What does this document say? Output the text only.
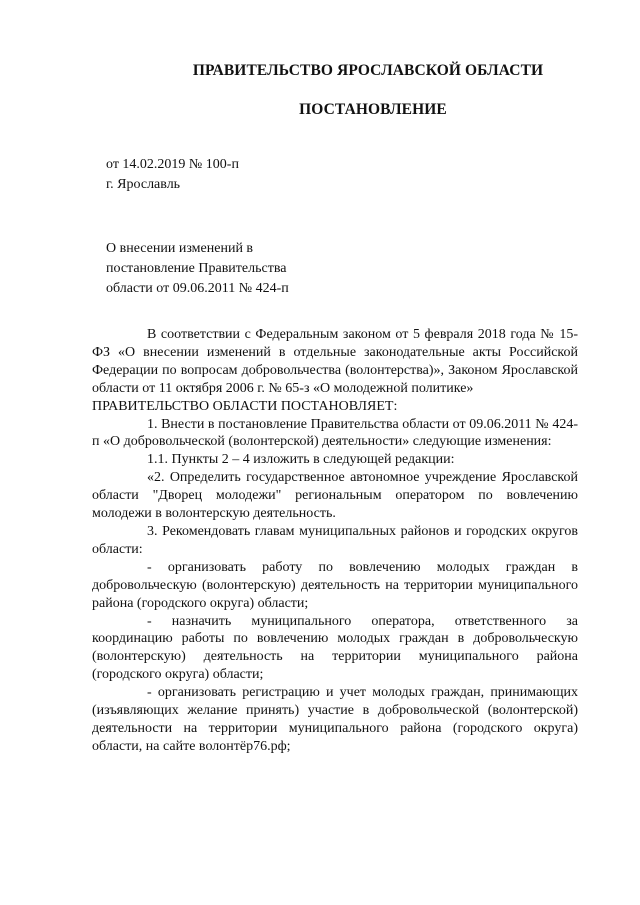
ПРАВИТЕЛЬСТВО ЯРОСЛАВСКОЙ ОБЛАСТИ
ПОСТАНОВЛЕНИЕ
от 14.02.2019 № 100-п
г. Ярославль
О внесении изменений в
постановление Правительства
области от 09.06.2011 № 424-п

В соответствии с Федеральным законом от 5 февраля 2018 года № 15-ФЗ «О внесении изменений в отдельные законодательные акты Российской Федерации по вопросам добровольчества (волонтерства)», Законом Ярославской области от 11 октября 2006 г. № 65-з «О молодежной политике»

ПРАВИТЕЛЬСТВО ОБЛАСТИ ПОСТАНОВЛЯЕТ:

1. Внести в постановление Правительства области от 09.06.2011 № 424-п «О добровольческой (волонтерской) деятельности» следующие изменения:

1.1. Пункты 2 – 4 изложить в следующей редакции:

«2. Определить государственное автономное учреждение Ярославской области "Дворец молодежи" региональным оператором по вовлечению молодежи в волонтерскую деятельность.

3. Рекомендовать главам муниципальных районов и городских округов области:

- организовать работу по вовлечению молодых граждан в добровольческую (волонтерскую) деятельность на территории муниципального района (городского округа) области;

- назначить муниципального оператора, ответственного за координацию работы по вовлечению молодых граждан в добровольческую (волонтерскую) деятельность на территории муниципального района (городского округа) области;

- организовать регистрацию и учет молодых граждан, принимающих (изъявляющих желание принять) участие в добровольческой (волонтерской) деятельности на территории муниципального района (городского округа) области, на сайте волонтёр76.рф;
